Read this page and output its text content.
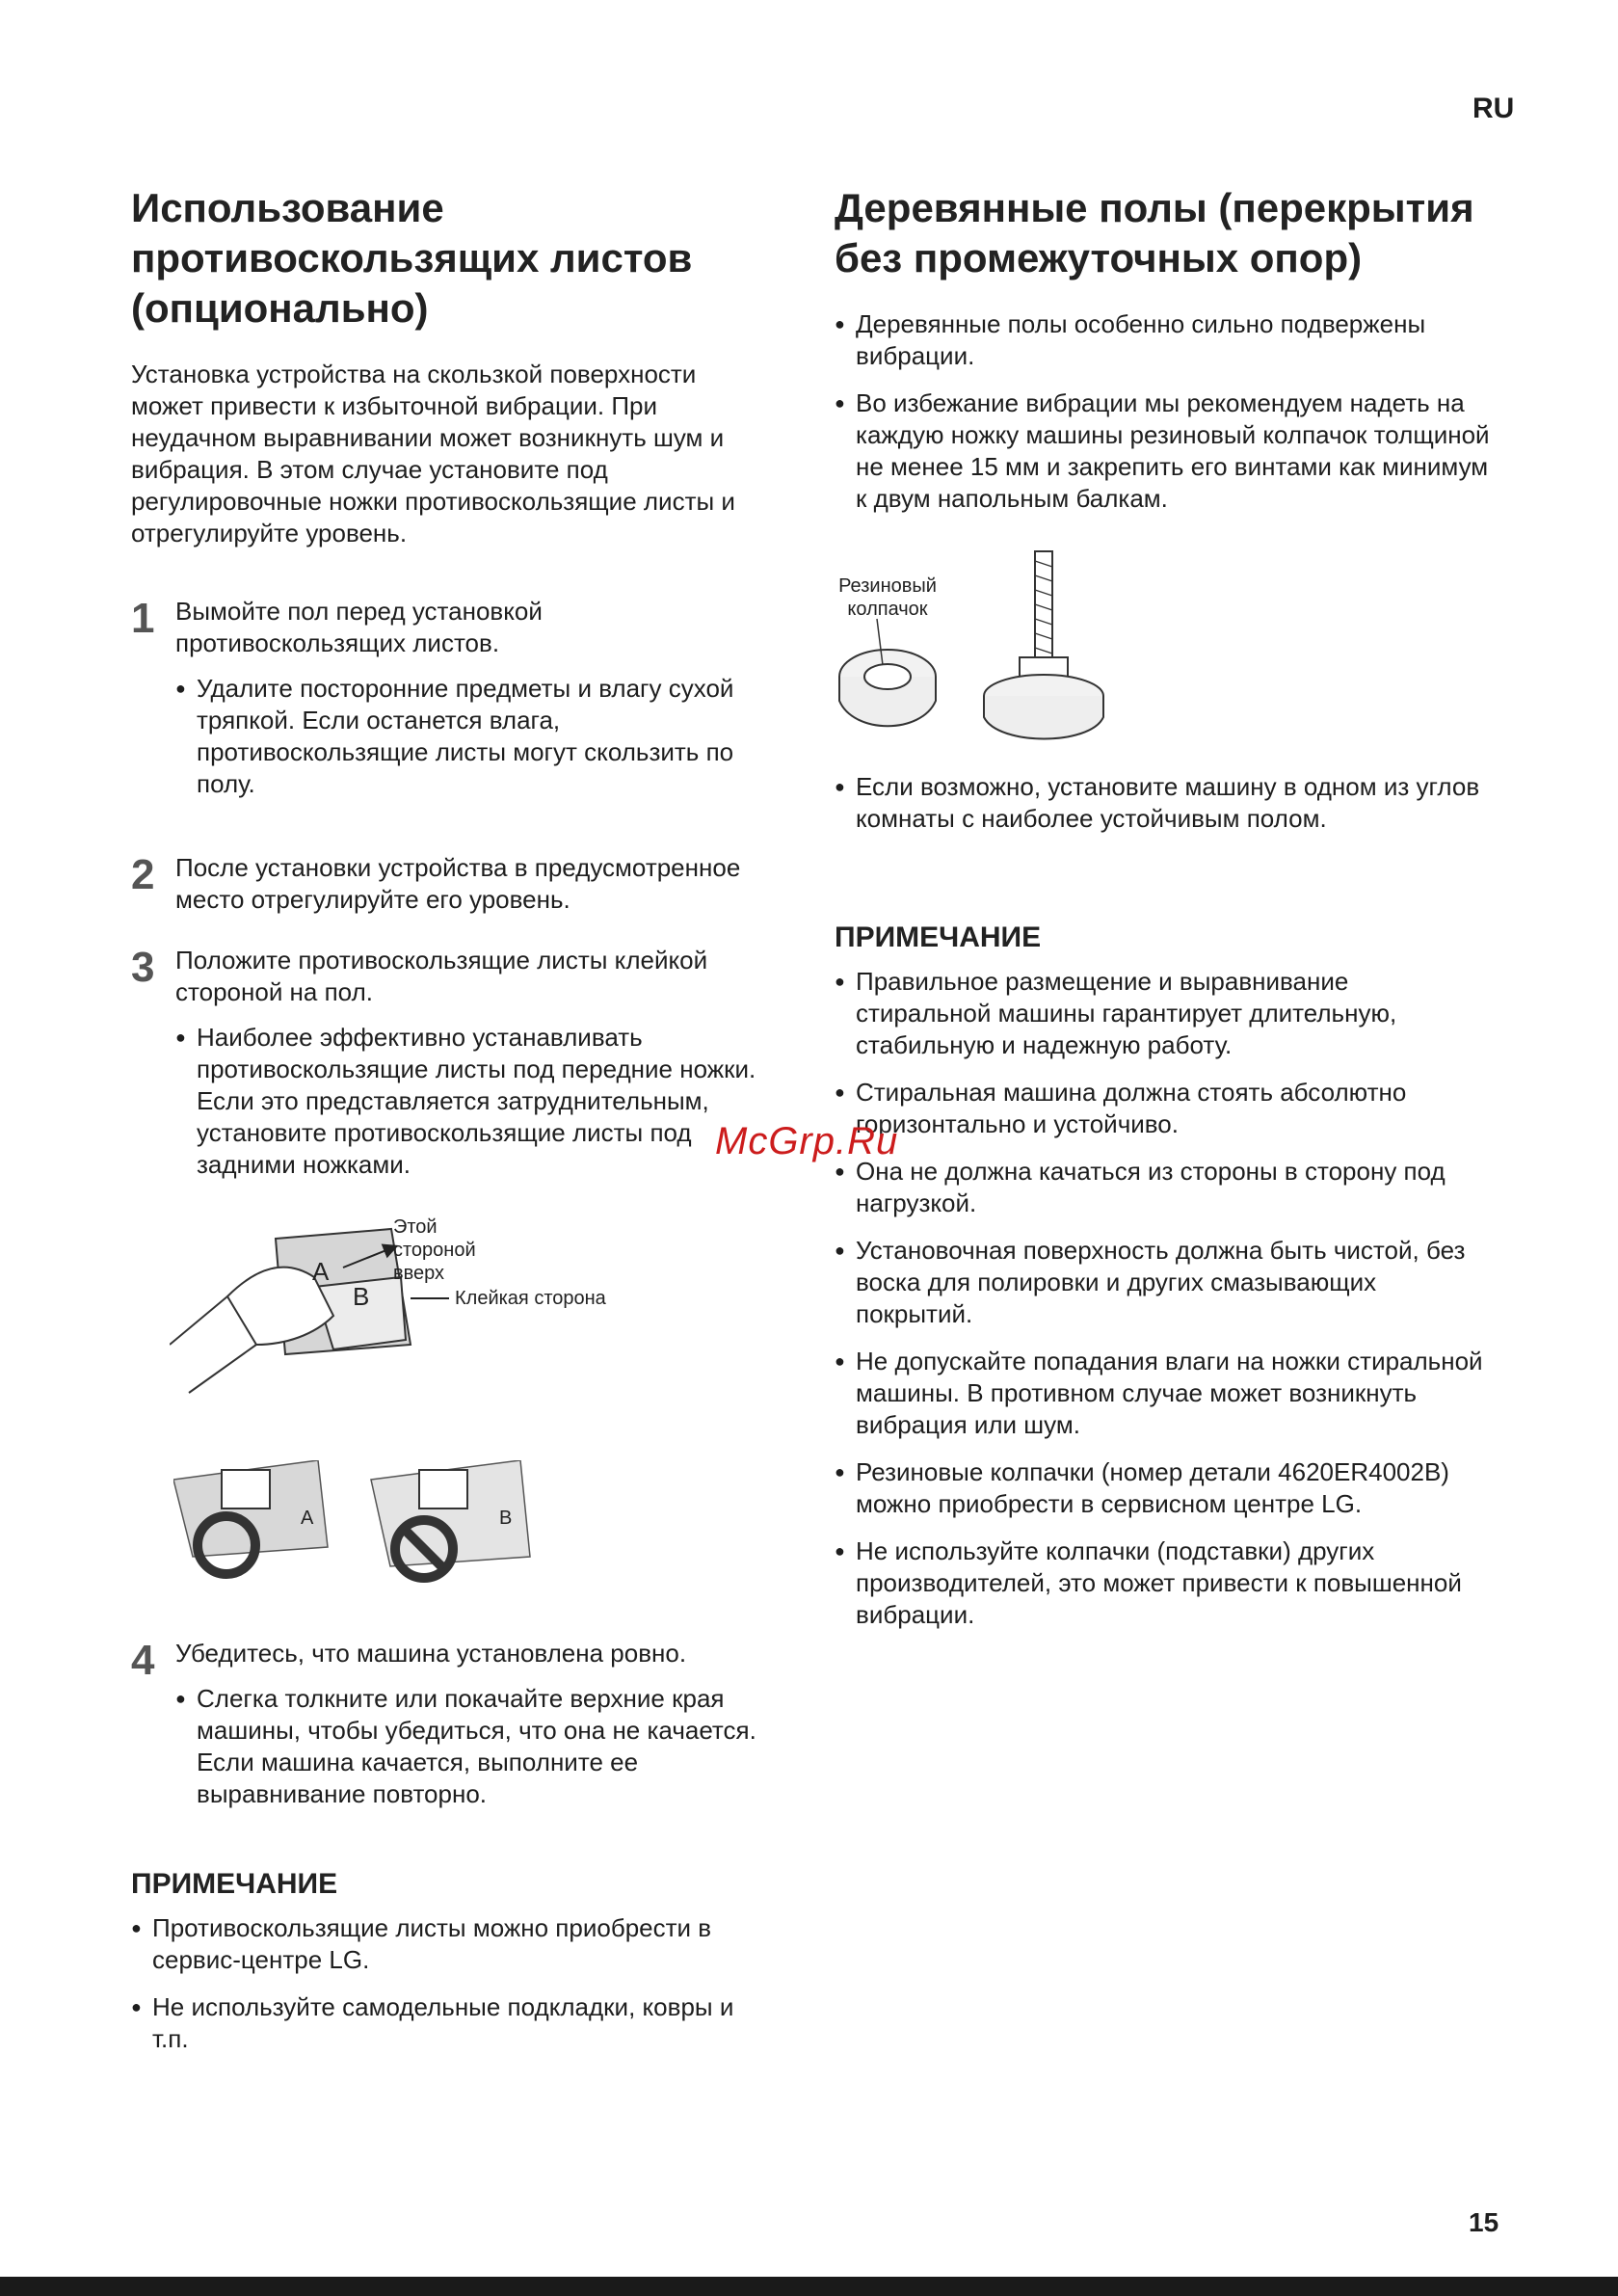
RU
Использование противоскользящих листов (опционально)

Установка устройства на скользкой поверхности может привести к избыточной вибрации. При неудачном выравнивании может возникнуть шум и вибрация. В этом случае установите под регулировочные ножки противоскользящие листы и отрегулируйте уровень.

1 Вымойте пол перед установкой противоскользящих листов.

● Удалите посторонние предметы и влагу сухой тряпкой. Если останется влага, противоскользящие листы могут скользить по полу.
2 После установки устройства в предусмотренное место отрегулируйте его уровень.

3 Положите противоскользящие листы клейкой стороной на пол.

● Наиболее эффективно устанавливать противоскользящие листы под передние ножки. Если это представляется затруднительным, установите противоскользящие листы под задними ножками.
A
B
Этой стороной вверх
Клейкая сторона
A	B
4 Убедитесь, что машина установлена ровно.

● Слегка толкните или покачайте верхние края машины, чтобы убедиться, что она не качается. Если машина качается, выполните ее выравнивание повторно.
ПРИМЕЧАНИЕ
● Противоскользящие листы можно приобрести в сервис-центре LG.
● Не используйте самодельные подкладки, ковры и т.п.
Деревянные полы (перекрытия без промежуточных опор)
● Деревянные полы особенно сильно подвержены вибрации.
● Во избежание вибрации мы рекомендуем надеть на каждую ножку машины резиновый колпачок толщиной не менее 15 мм и закрепить его винтами как минимум к двум напольным балкам.
Резиновый колпачок
● Если возможно, установите машину в одном из углов комнаты с наиболее устойчивым полом.
ПРИМЕЧАНИЕ
● Правильное размещение и выравнивание стиральной машины гарантирует длительную, стабильную и надежную работу.
● Стиральная машина должна стоять абсолютно горизонтально и устойчиво.
● Она не должна качаться из стороны в сторону под нагрузкой.
● Установочная поверхность должна быть чистой, без воска для полировки и других смазывающих покрытий.
● Не допускайте попадания влаги на ножки стиральной машины. В противном случае может возникнуть вибрация или шум.
● Резиновые колпачки (номер детали 4620ER4002B) можно приобрести в сервисном центре LG.
● Не используйте колпачки (подставки) других производителей, это может привести к повышенной вибрации.
McGrp.Ru
15
